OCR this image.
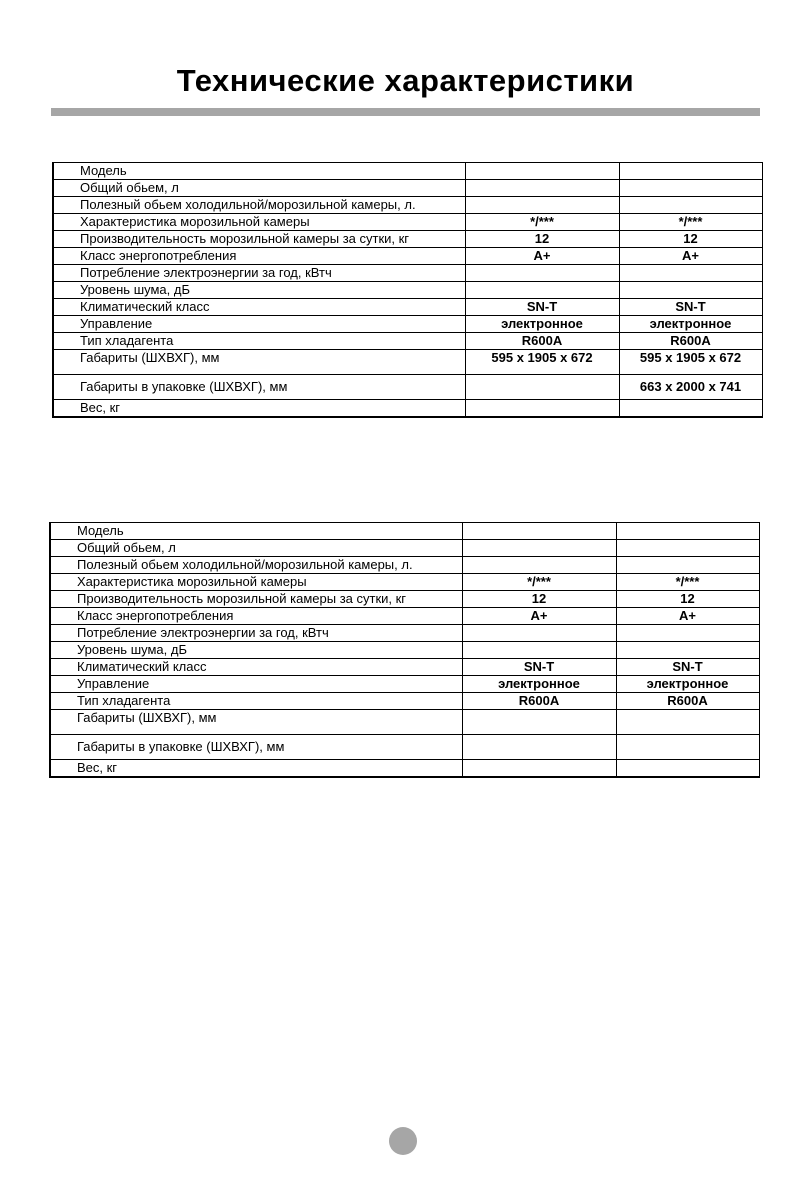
Технические характеристики
Модель		
Общий обьем, л		
Полезный обьем холодильной/морозильной камеры, л.		
Характеристика морозильной камеры	*/***	*/***
Производительность морозильной камеры за сутки, кг	12	12
Класс энергопотребления	A+	A+
Потребление электроэнергии за год, кВтч		
Уровень шума, дБ		
Климатический класс	SN-T	SN-T
Управление	электронное	электронное
Тип хладагента	R600A	R600A
Габариты (ШХВХГ), мм	595 x 1905 x 672	595 x 1905 x 672
Габариты в упаковке (ШХВХГ), мм		663 x 2000 x 741
Вес, кг		
Модель		
Общий обьем, л		
Полезный обьем холодильной/морозильной камеры, л.		
Характеристика морозильной камеры	*/***	*/***
Производительность морозильной камеры за сутки, кг	12	12
Класс энергопотребления	A+	A+
Потребление электроэнергии за год, кВтч		
Уровень шума, дБ		
Климатический класс	SN-T	SN-T
Управление	электронное	электронное
Тип хладагента	R600A	R600A
Габариты (ШХВХГ), мм		
Габариты в упаковке (ШХВХГ), мм		
Вес, кг		
